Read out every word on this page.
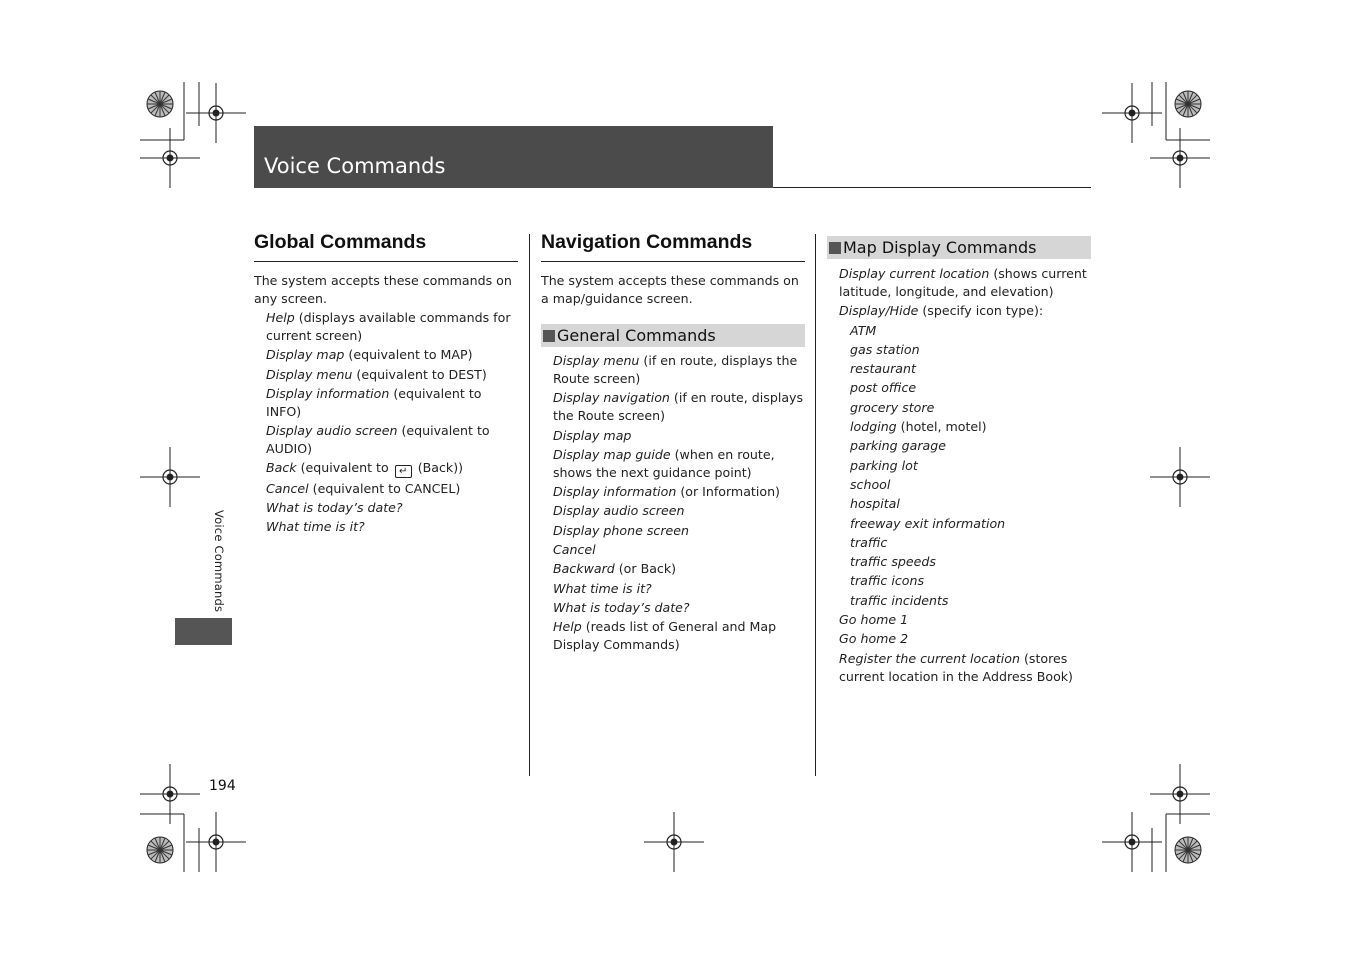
Voice Commands
Voice Commands
194
Global Commands
The system accepts these commands on any screen.
Help (displays available commands for current screen)
Display map (equivalent to MAP)
Display menu (equivalent to DEST)
Display information (equivalent to INFO)
Display audio screen (equivalent to AUDIO)
Back (equivalent to ↵ (Back))
Cancel (equivalent to CANCEL)
What is today’s date?
What time is it?
Navigation Commands
The system accepts these commands on a map/guidance screen.
General Commands
Display menu (if en route, displays the Route screen)
Display navigation (if en route, displays the Route screen)
Display map
Display map guide (when en route, shows the next guidance point)
Display information (or Information)
Display audio screen
Display phone screen
Cancel
Backward (or Back)
What time is it?
What is today’s date?
Help (reads list of General and Map Display Commands)
Map Display Commands
Display current location (shows current latitude, longitude, and elevation)
Display/Hide (specify icon type):
ATM
gas station
restaurant
post office
grocery store
lodging (hotel, motel)
parking garage
parking lot
school
hospital
freeway exit information
traffic
traffic speeds
traffic icons
traffic incidents
Go home 1
Go home 2
Register the current location (stores current location in the Address Book)
